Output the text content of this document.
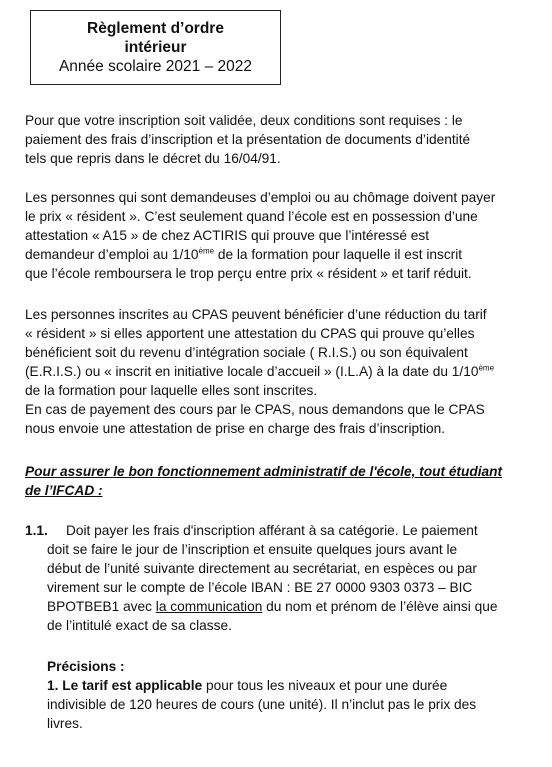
Règlement d’ordre
intérieur
Année scolaire 2021 – 2022
Pour que votre inscription soit validée, deux conditions sont requises : le
paiement des frais d’inscription et la présentation de documents d’identité
tels que repris dans le décret du 16/04/91.
Les personnes qui sont demandeuses d’emploi ou au chômage doivent payer
le prix « résident ». C’est seulement quand l’école est en possession d’une
attestation « A15 » de chez ACTIRIS qui prouve que l’intéressé est
demandeur d’emploi au 1/10ème de la formation pour laquelle il est inscrit
que l’école remboursera le trop perçu entre prix « résident » et tarif réduit.
Les personnes inscrites au CPAS peuvent bénéficier d’une réduction du tarif
« résident » si elles apportent une attestation du CPAS qui prouve qu’elles
bénéficient soit du revenu d’intégration sociale ( R.I.S.) ou son équivalent
(E.R.I.S.) ou « inscrit en initiative locale d’accueil » (I.L.A) à la date du 1/10ème
de la formation pour laquelle elles sont inscrites.
En cas de payement des cours par le CPAS, nous demandons que le CPAS
nous envoie une attestation de prise en charge des frais d’inscription.
Pour assurer le bon fonctionnement administratif de l'école, tout étudiant
de l’IFCAD :
1.1. Doit payer les frais d'inscription afférant à sa catégorie. Le paiement
doit se faire le jour de l’inscription et ensuite quelques jours avant le
début de l’unité suivante directement au secrétariat, en espèces ou par
virement sur le compte de l’école IBAN : BE 27 0000 9303 0373 – BIC
BPOTBEB1 avec la communication du nom et prénom de l’élève ainsi que
de l’intitulé exact de sa classe.
Précisions :
1. Le tarif est applicable pour tous les niveaux et pour une durée
indivisible de 120 heures de cours (une unité). Il n’inclut pas le prix des
livres.
